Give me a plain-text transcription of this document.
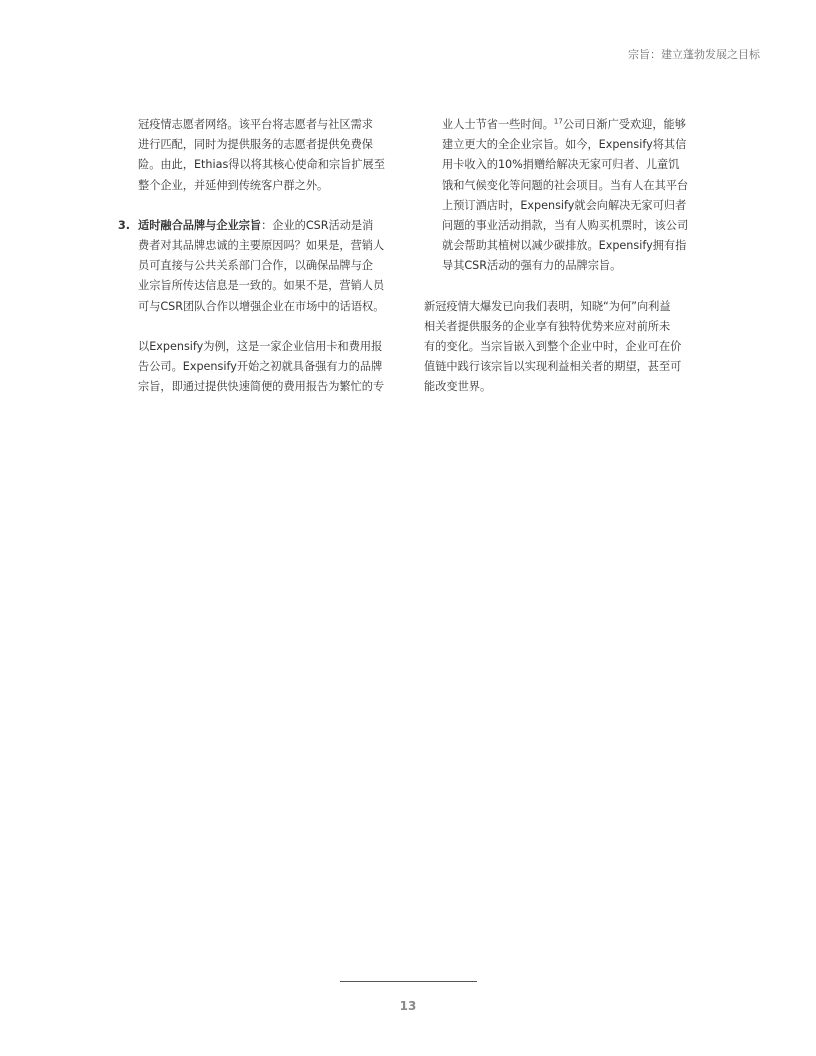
宗旨：建立蓬勃发展之目标
冠疫情志愿者网络。该平台将志愿者与社区需求
进行匹配，同时为提供服务的志愿者提供免费保
险。由此，Ethias得以将其核心使命和宗旨扩展至
整个企业，并延伸到传统客户群之外。
3. 适时融合品牌与企业宗旨：企业的CSR活动是消
费者对其品牌忠诚的主要原因吗？如果是，营销人
员可直接与公共关系部门合作，以确保品牌与企
业宗旨所传达信息是一致的。如果不是，营销人员
可与CSR团队合作以增强企业在市场中的话语权。
以Expensify为例，这是一家企业信用卡和费用报
告公司。Expensify开始之初就具备强有力的品牌
宗旨，即通过提供快速简便的费用报告为繁忙的专
业人士节省一些时间。$^{17}$公司日渐广受欢迎，能够
建立更大的全企业宗旨。如今，Expensify将其信
用卡收入的10%捐赠给解决无家可归者、儿童饥
饿和气候变化等问题的社会项目。当有人在其平台
上预订酒店时，Expensify就会向解决无家可归者
问题的事业活动捐款，当有人购买机票时，该公司
就会帮助其植树以减少碳排放。Expensify拥有指
导其CSR活动的强有力的品牌宗旨。
新冠疫情大爆发已向我们表明，知晓“为何”向利益
相关者提供服务的企业享有独特优势来应对前所未
有的变化。当宗旨嵌入到整个企业中时，企业可在价
值链中践行该宗旨以实现利益相关者的期望，甚至可
能改变世界。
13
